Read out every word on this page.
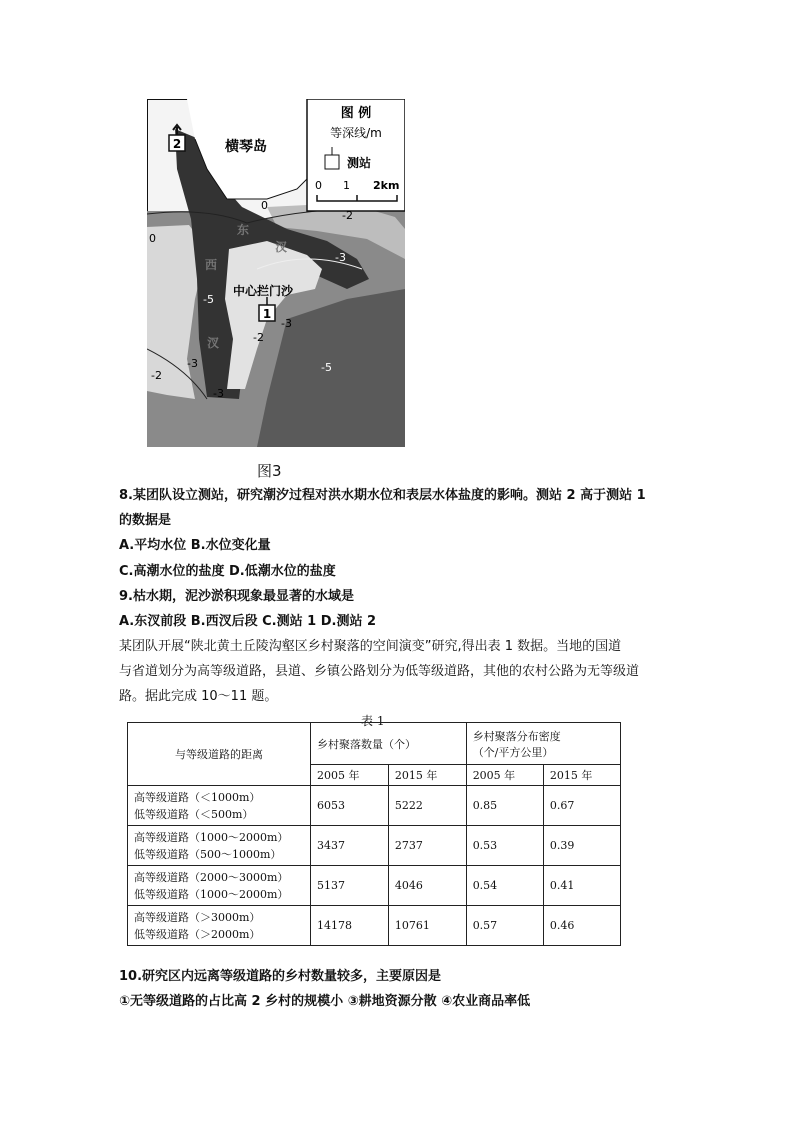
图 例
等深线/m
测站
0 1 2km
2
1
横琴岛
东
汊
西
汊
中心拦门沙
0
0
-2
-3
-5
-3
-2
-3
-2
-3	-5
图3
8.某团队设立测站，研究潮汐过程对洪水期水位和表层水体盐度的影响。测站 2 高于测站 1
的数据是
A.平均水位 B.水位变化量
C.高潮水位的盐度 D.低潮水位的盐度
9.枯水期，泥沙淤积现象最显著的水域是
A.东汊前段 B.西汊后段 C.测站 1 D.测站 2
某团队开展“陕北黄土丘陵沟壑区乡村聚落的空间演变”研究,得出表 1 数据。当地的国道
与省道划分为高等级道路，县道、乡镇公路划分为低等级道路，其他的农村公路为无等级道
路。据此完成 10～11 题。
表 1
与等级道路的距离	乡村聚落数量（个）		乡村聚落分布密度
（个/平方公里）	

	2005 年	2015 年	2005 年	2015 年

高等级道路（＜1000m）
低等级道路（＜500m）	6053	5222	0.85	0.67

高等级道路（1000～2000m）
低等级道路（500～1000m）	3437	2737	0.53	0.39

高等级道路（2000～3000m）
低等级道路（1000～2000m）	5137	4046	0.54	0.41

高等级道路（＞3000m）
低等级道路（＞2000m）	14178	10761	0.57	0.46
10.研究区内远离等级道路的乡村数量较多，主要原因是
①无等级道路的占比高 2 乡村的规模小 ③耕地资源分散 ④农业商品率低
